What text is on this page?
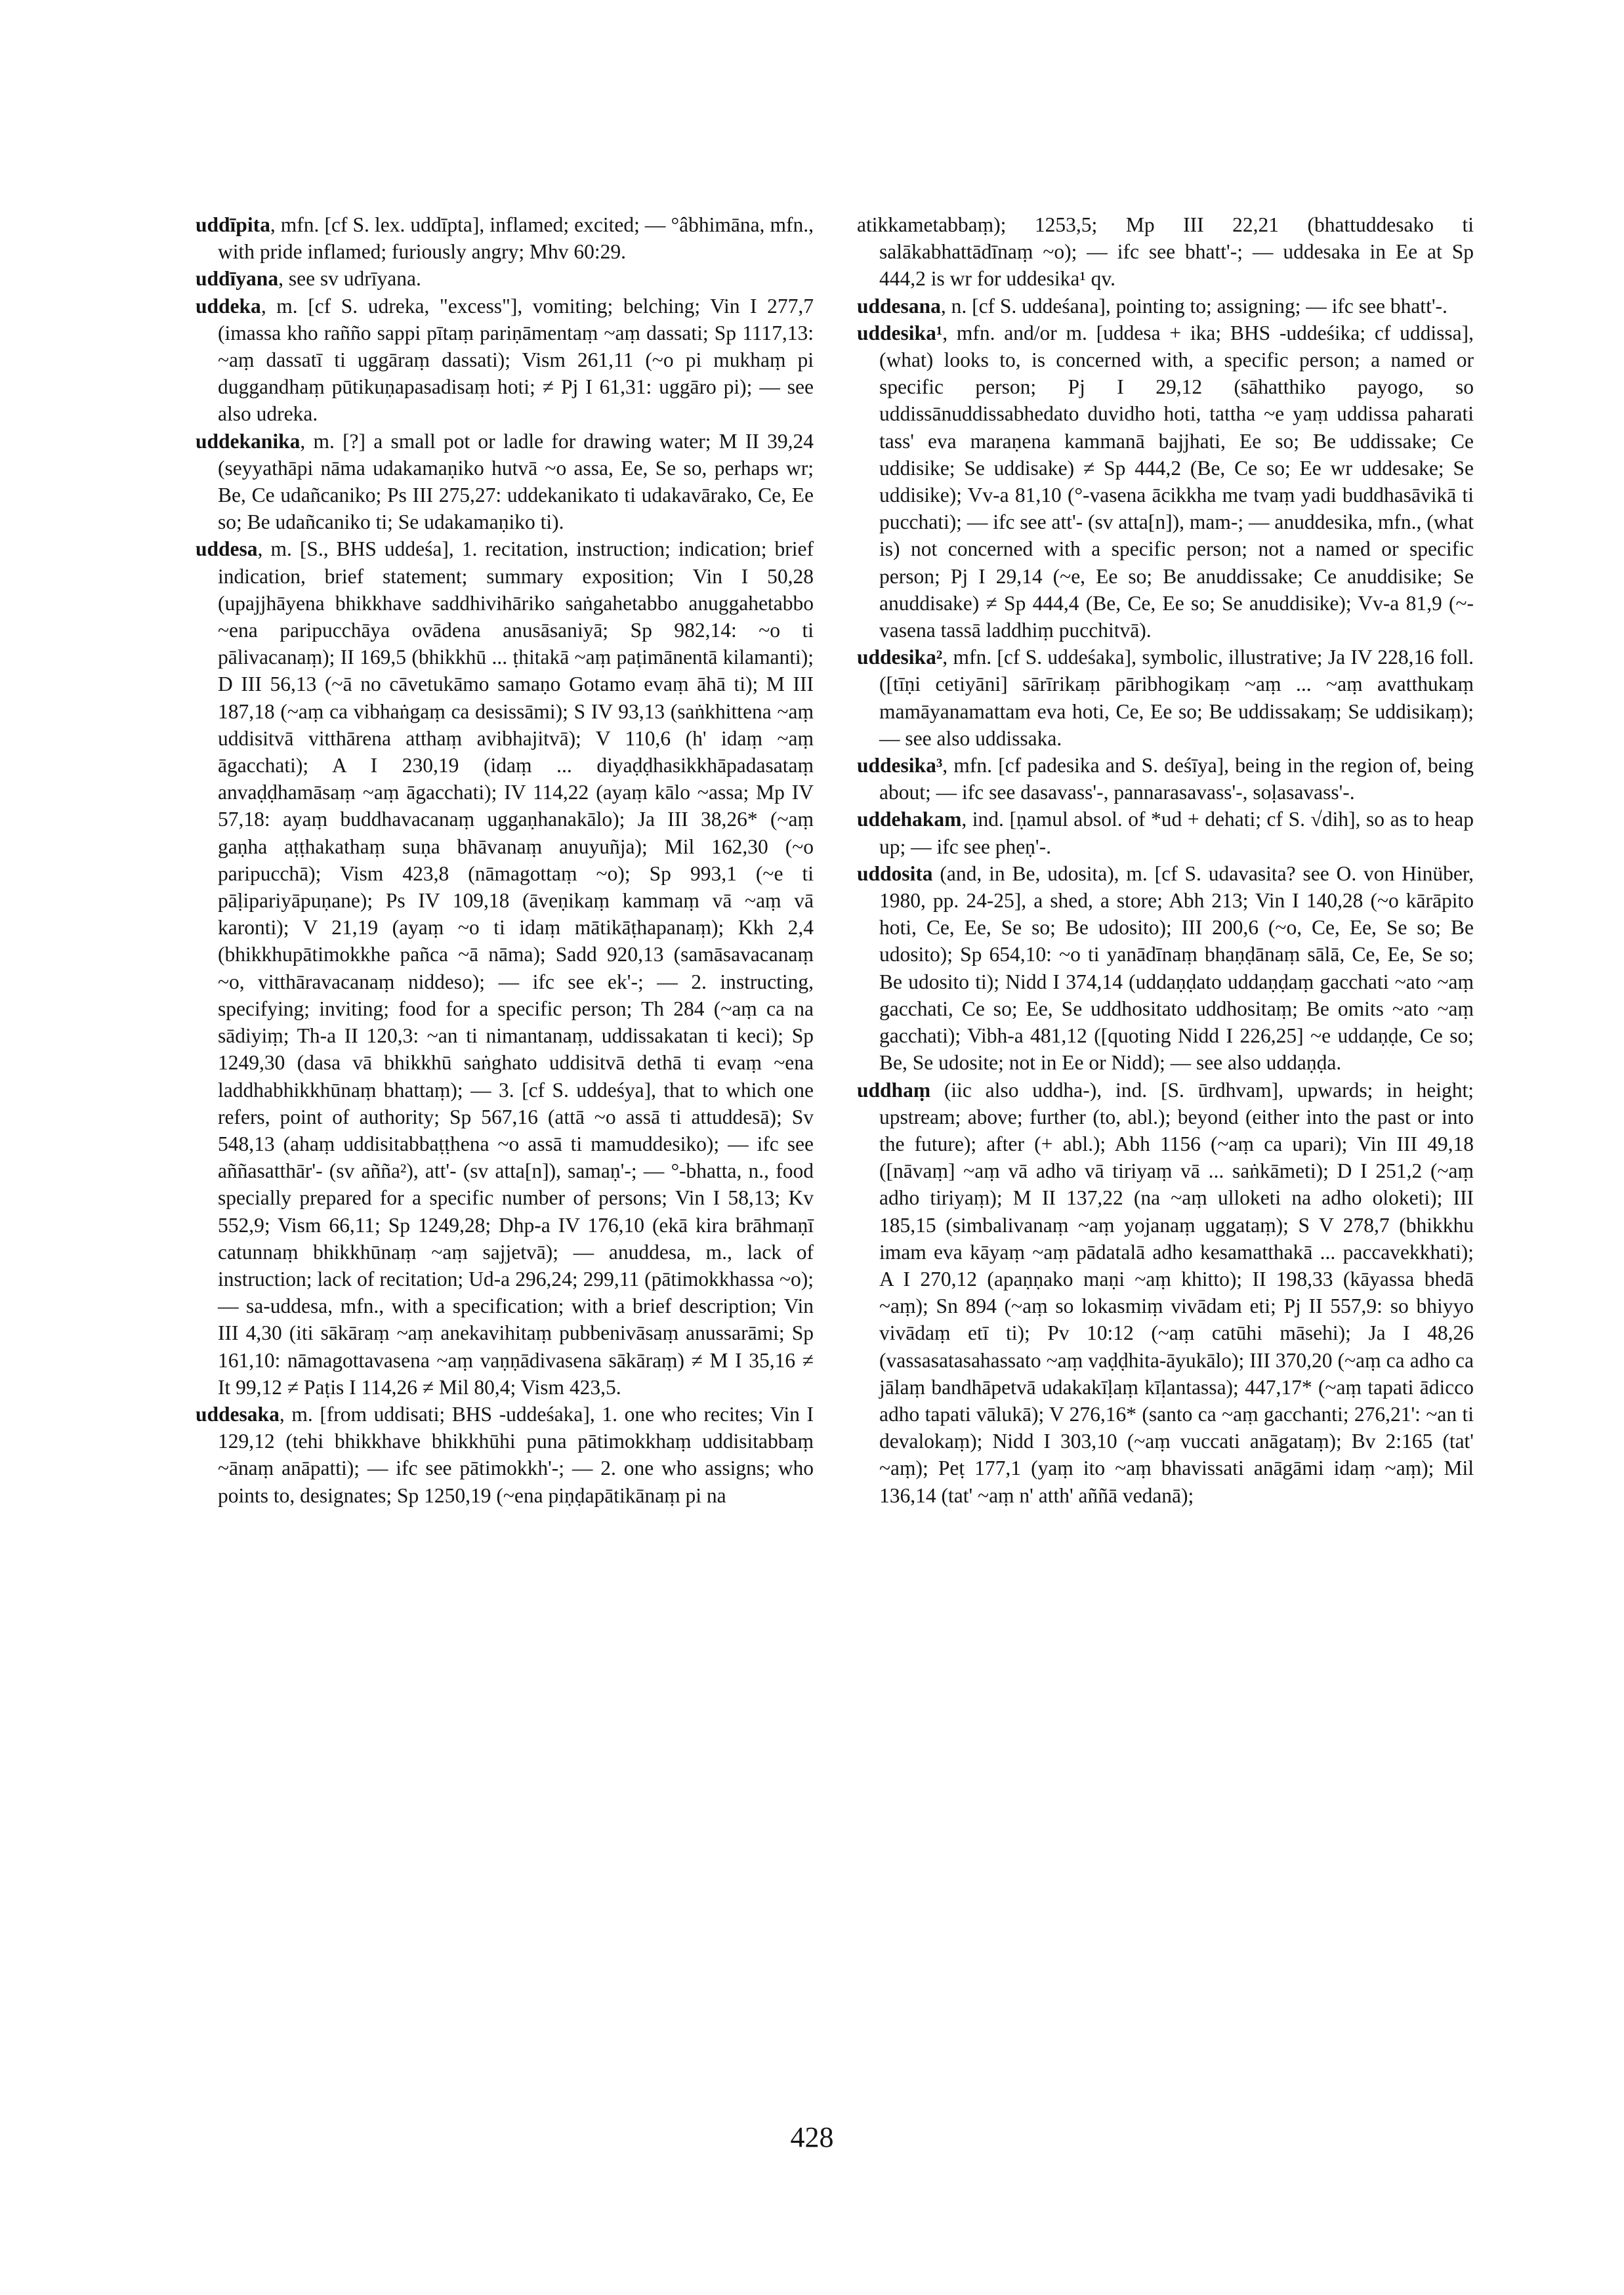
uddīpita, mfn. [cf S. lex. uddīpta], inflamed; excited; — °âbhimāna, mfn., with pride inflamed; furiously angry; Mhv 60:29.

uddīyana, see sv udrīyana.

uddeka, m. [cf S. udreka, "excess"], vomiting; belching; Vin I 277,7 (imassa kho rañño sappi pītaṃ pariṇāmentaṃ ~aṃ dassati; Sp 1117,13: ~aṃ dassatī ti uggāraṃ dassati); Vism 261,11 (~o pi mukhaṃ pi duggandhaṃ pūtikuṇapasadisaṃ hoti; ≠ Pj I 61,31: uggāro pi); — see also udreka.

uddekanika, m. [?] a small pot or ladle for drawing water; M II 39,24 (seyyathāpi nāma udakamaṇiko hutvā ~o assa, Ee, Se so, perhaps wr; Be, Ce udañcaniko; Ps III 275,27: uddekanikato ti udakavārako, Ce, Ee so; Be udañcaniko ti; Se udakamaṇiko ti).

uddesa, m. [S., BHS uddeśa], 1. recitation, instruction; indication; brief indication, brief statement; summary exposition; Vin I 50,28 (upajjhāyena bhikkhave saddhivihāriko saṅgahetabbo anuggahetabbo ~ena paripucchāya ovādena anusāsaniyā; Sp 982,14: ~o ti pālivacanaṃ); II 169,5 (bhikkhū ... ṭhitakā ~aṃ paṭimānentā kilamanti); D III 56,13 (~ā no cāvetukāmo samaṇo Gotamo evaṃ āhā ti); M III 187,18 (~aṃ ca vibhaṅgaṃ ca desissāmi); S IV 93,13 (saṅkhittena ~aṃ uddisitvā vitthārena atthaṃ avibhajitvā); V 110,6 (h' idaṃ ~aṃ āgacchati); A I 230,19 (idaṃ ... diyaḍḍhasikkhāpadasataṃ anvaḍḍhamāsaṃ ~aṃ āgacchati); IV 114,22 (ayaṃ kālo ~assa; Mp IV 57,18: ayaṃ buddhavacanaṃ uggaṇhanakālo); Ja III 38,26* (~aṃ gaṇha aṭṭhakathaṃ suṇa bhāvanaṃ anuyuñja); Mil 162,30 (~o paripucchā); Vism 423,8 (nāmagottaṃ ~o); Sp 993,1 (~e ti pāḷipariyāpuṇane); Ps IV 109,18 (āveṇikaṃ kammaṃ vā ~aṃ vā karonti); V 21,19 (ayaṃ ~o ti idaṃ mātikāṭhapanaṃ); Kkh 2,4 (bhikkhupātimokkhe pañca ~ā nāma); Sadd 920,13 (samāsavacanaṃ ~o, vitthāravacanaṃ niddeso); — ifc see ek'-; — 2. instructing, specifying; inviting; food for a specific person; Th 284 (~aṃ ca na sādiyiṃ; Th-a II 120,3: ~an ti nimantanaṃ, uddissakatan ti keci); Sp 1249,30 (dasa vā bhikkhū saṅghato uddisitvā dethā ti evaṃ ~ena laddhabhikkhūnaṃ bhattaṃ); — 3. [cf S. uddeśya], that to which one refers, point of authority; Sp 567,16 (attā ~o assā ti attuddesā); Sv 548,13 (ahaṃ uddisitabbaṭṭhena ~o assā ti mamuddesiko); — ifc see aññasatthār'- (sv añña²), att'- (sv atta[n]), samaṇ'-; — °-bhatta, n., food specially prepared for a specific number of persons; Vin I 58,13; Kv 552,9; Vism 66,11; Sp 1249,28; Dhp-a IV 176,10 (ekā kira brāhmaṇī catunnaṃ bhikkhūnaṃ ~aṃ sajjetvā); — anuddesa, m., lack of instruction; lack of recitation; Ud-a 296,24; 299,11 (pātimokkhassa ~o); — sa-uddesa, mfn., with a specification; with a brief description; Vin III 4,30 (iti sākāraṃ ~aṃ anekavihitaṃ pubbenivāsaṃ anussarāmi; Sp 161,10: nāmagottavasena ~aṃ vaṇṇādivasena sākāraṃ) ≠ M I 35,16 ≠ It 99,12 ≠ Paṭis I 114,26 ≠ Mil 80,4; Vism 423,5.

uddesaka, m. [from uddisati; BHS -uddeśaka], 1. one who recites; Vin I 129,12 (tehi bhikkhave bhikkhūhi puna pātimokkhaṃ uddisitabbaṃ ~ānaṃ anāpatti); — ifc see pātimokkh'-; — 2. one who assigns; who points to, designates; Sp 1250,19 (~ena piṇḍapātikānaṃ pi na

atikkametabbaṃ); 1253,5; Mp III 22,21 (bhattuddesako ti salākabhattādīnaṃ ~o); — ifc see bhatt'-; — uddesaka in Ee at Sp 444,2 is wr for uddesika¹ qv.

uddesana, n. [cf S. uddeśana], pointing to; assigning; — ifc see bhatt'-.

uddesika¹, mfn. and/or m. [uddesa + ika; BHS -uddeśika; cf uddissa], (what) looks to, is concerned with, a specific person; a named or specific person; Pj I 29,12 (sāhatthiko payogo, so uddissānuddissabhedato duvidho hoti, tattha ~e yaṃ uddissa paharati tass' eva maraṇena kammanā bajjhati, Ee so; Be uddissake; Ce uddisike; Se uddisake) ≠ Sp 444,2 (Be, Ce so; Ee wr uddesake; Se uddisike); Vv-a 81,10 (°-vasena ācikkha me tvaṃ yadi buddhasāvikā ti pucchati); — ifc see att'- (sv atta[n]), mam-; — anuddesika, mfn., (what is) not concerned with a specific person; not a named or specific person; Pj I 29,14 (~e, Ee so; Be anuddissake; Ce anuddisike; Se anuddisake) ≠ Sp 444,4 (Be, Ce, Ee so; Se anuddisike); Vv-a 81,9 (~-vasena tassā laddhiṃ pucchitvā).

uddesika², mfn. [cf S. uddeśaka], symbolic, illustrative; Ja IV 228,16 foll. ([tīṇi cetiyāni] sārīrikaṃ pāribhogikaṃ ~aṃ ... ~aṃ avatthukaṃ mamāyanamattam eva hoti, Ce, Ee so; Be uddissakaṃ; Se uddisikaṃ); — see also uddissaka.

uddesika³, mfn. [cf padesika and S. deśīya], being in the region of, being about; — ifc see dasavass'-, pannarasavass'-, soḷasavass'-.

uddehakam, ind. [ṇamul absol. of *ud + dehati; cf S. √dih], so as to heap up; — ifc see pheṇ'-.

uddosita (and, in Be, udosita), m. [cf S. udavasita? see O. von Hinüber, 1980, pp. 24-25], a shed, a store; Abh 213; Vin I 140,28 (~o kārāpito hoti, Ce, Ee, Se so; Be udosito); III 200,6 (~o, Ce, Ee, Se so; Be udosito); Sp 654,10: ~o ti yanādīnaṃ bhaṇḍānaṃ sālā, Ce, Ee, Se so; Be udosito ti); Nidd I 374,14 (uddaṇḍato uddaṇḍaṃ gacchati ~ato ~aṃ gacchati, Ce so; Ee, Se uddhositato uddhositaṃ; Be omits ~ato ~aṃ gacchati); Vibh-a 481,12 ([quoting Nidd I 226,25] ~e uddaṇḍe, Ce so; Be, Se udosite; not in Ee or Nidd); — see also uddaṇḍa.

uddhaṃ (iic also uddha-), ind. [S. ūrdhvam], upwards; in height; upstream; above; further (to, abl.); beyond (either into the past or into the future); after (+ abl.); Abh 1156 (~aṃ ca upari); Vin III 49,18 ([nāvaṃ] ~aṃ vā adho vā tiriyaṃ vā ... saṅkāmeti); D I 251,2 (~aṃ adho tiriyaṃ); M II 137,22 (na ~aṃ ulloketi na adho oloketi); III 185,15 (simbalivanaṃ ~aṃ yojanaṃ uggataṃ); S V 278,7 (bhikkhu imam eva kāyaṃ ~aṃ pādatalā adho kesamatthakā ... paccavekkhati); A I 270,12 (apaṇṇako maṇi ~aṃ khitto); II 198,33 (kāyassa bhedā ~aṃ); Sn 894 (~aṃ so lokasmiṃ vivādam eti; Pj II 557,9: so bhiyyo vivādaṃ etī ti); Pv 10:12 (~aṃ catūhi māsehi); Ja I 48,26 (vassasatasahassato ~aṃ vaḍḍhita-āyukālo); III 370,20 (~aṃ ca adho ca jālaṃ bandhāpetvā udakakīḷaṃ kīḷantassa); 447,17* (~aṃ tapati ādicco adho tapati vālukā); V 276,16* (santo ca ~aṃ gacchanti; 276,21': ~an ti devalokaṃ); Nidd I 303,10 (~aṃ vuccati anāgataṃ); Bv 2:165 (tat' ~aṃ); Peṭ 177,1 (yaṃ ito ~aṃ bhavissati anāgāmi idaṃ ~aṃ); Mil 136,14 (tat' ~aṃ n' atth' aññā vedanā);

428
